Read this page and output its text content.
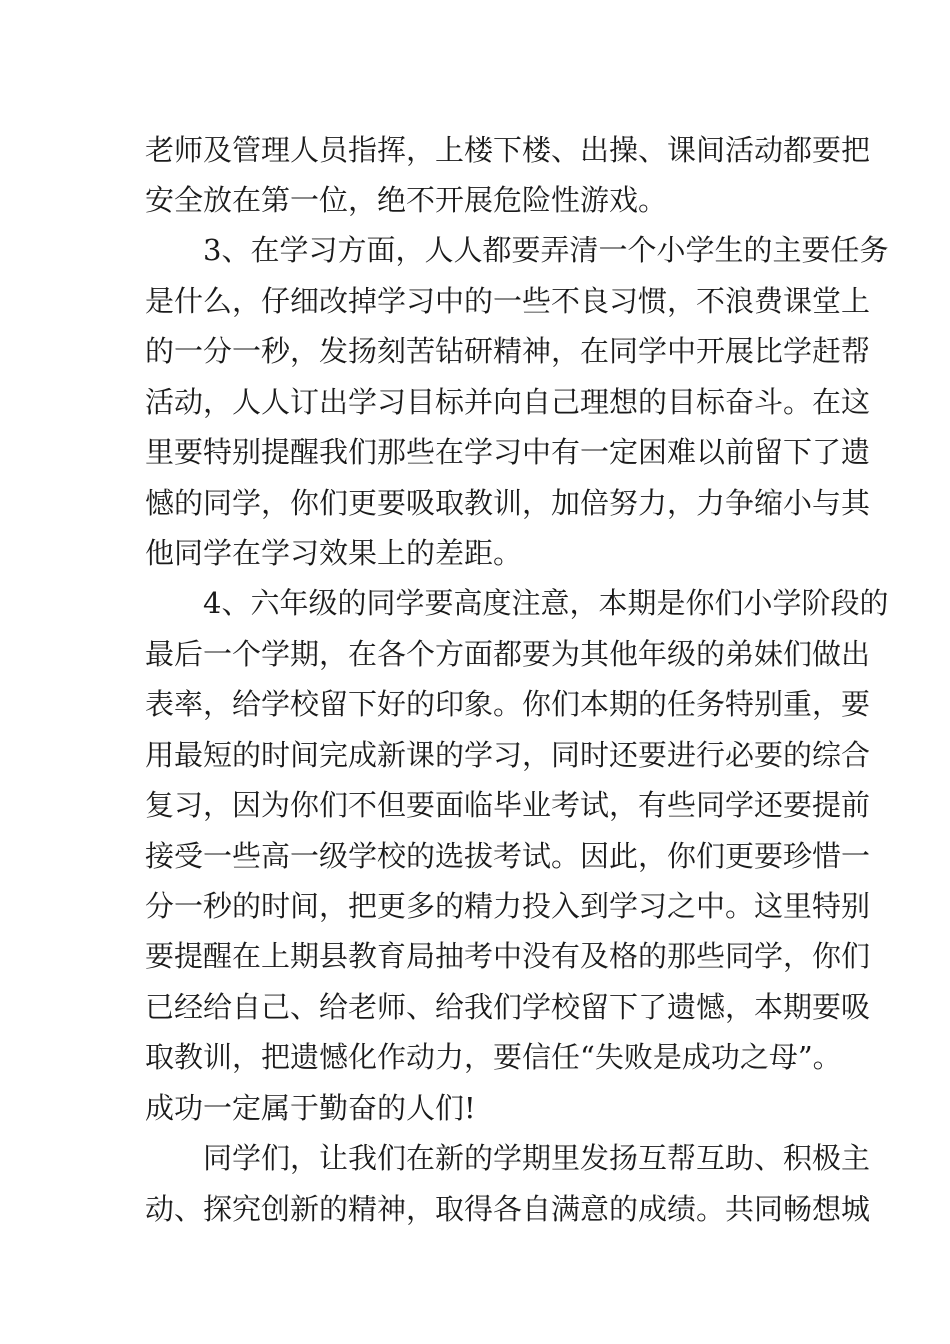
老师及管理人员指挥，上楼下楼、出操、课间活动都要把
安全放在第一位，绝不开展危险性游戏。
3、在学习方面，人人都要弄清一个小学生的主要任务
是什么，仔细改掉学习中的一些不良习惯，不浪费课堂上
的一分一秒，发扬刻苦钻研精神，在同学中开展比学赶帮
活动，人人订出学习目标并向自己理想的目标奋斗。在这
里要特别提醒我们那些在学习中有一定困难以前留下了遗
憾的同学，你们更要吸取教训，加倍努力，力争缩小与其
他同学在学习效果上的差距。
4、六年级的同学要高度注意，本期是你们小学阶段的
最后一个学期，在各个方面都要为其他年级的弟妹们做出
表率，给学校留下好的印象。你们本期的任务特别重，要
用最短的时间完成新课的学习，同时还要进行必要的综合
复习，因为你们不但要面临毕业考试，有些同学还要提前
接受一些高一级学校的选拔考试。因此，你们更要珍惜一
分一秒的时间，把更多的精力投入到学习之中。这里特别
要提醒在上期县教育局抽考中没有及格的那些同学，你们
已经给自己、给老师、给我们学校留下了遗憾，本期要吸
取教训，把遗憾化作动力，要信任“失败是成功之母”。
成功一定属于勤奋的人们!
同学们，让我们在新的学期里发扬互帮互助、积极主
动、探究创新的精神，取得各自满意的成绩。共同畅想城
